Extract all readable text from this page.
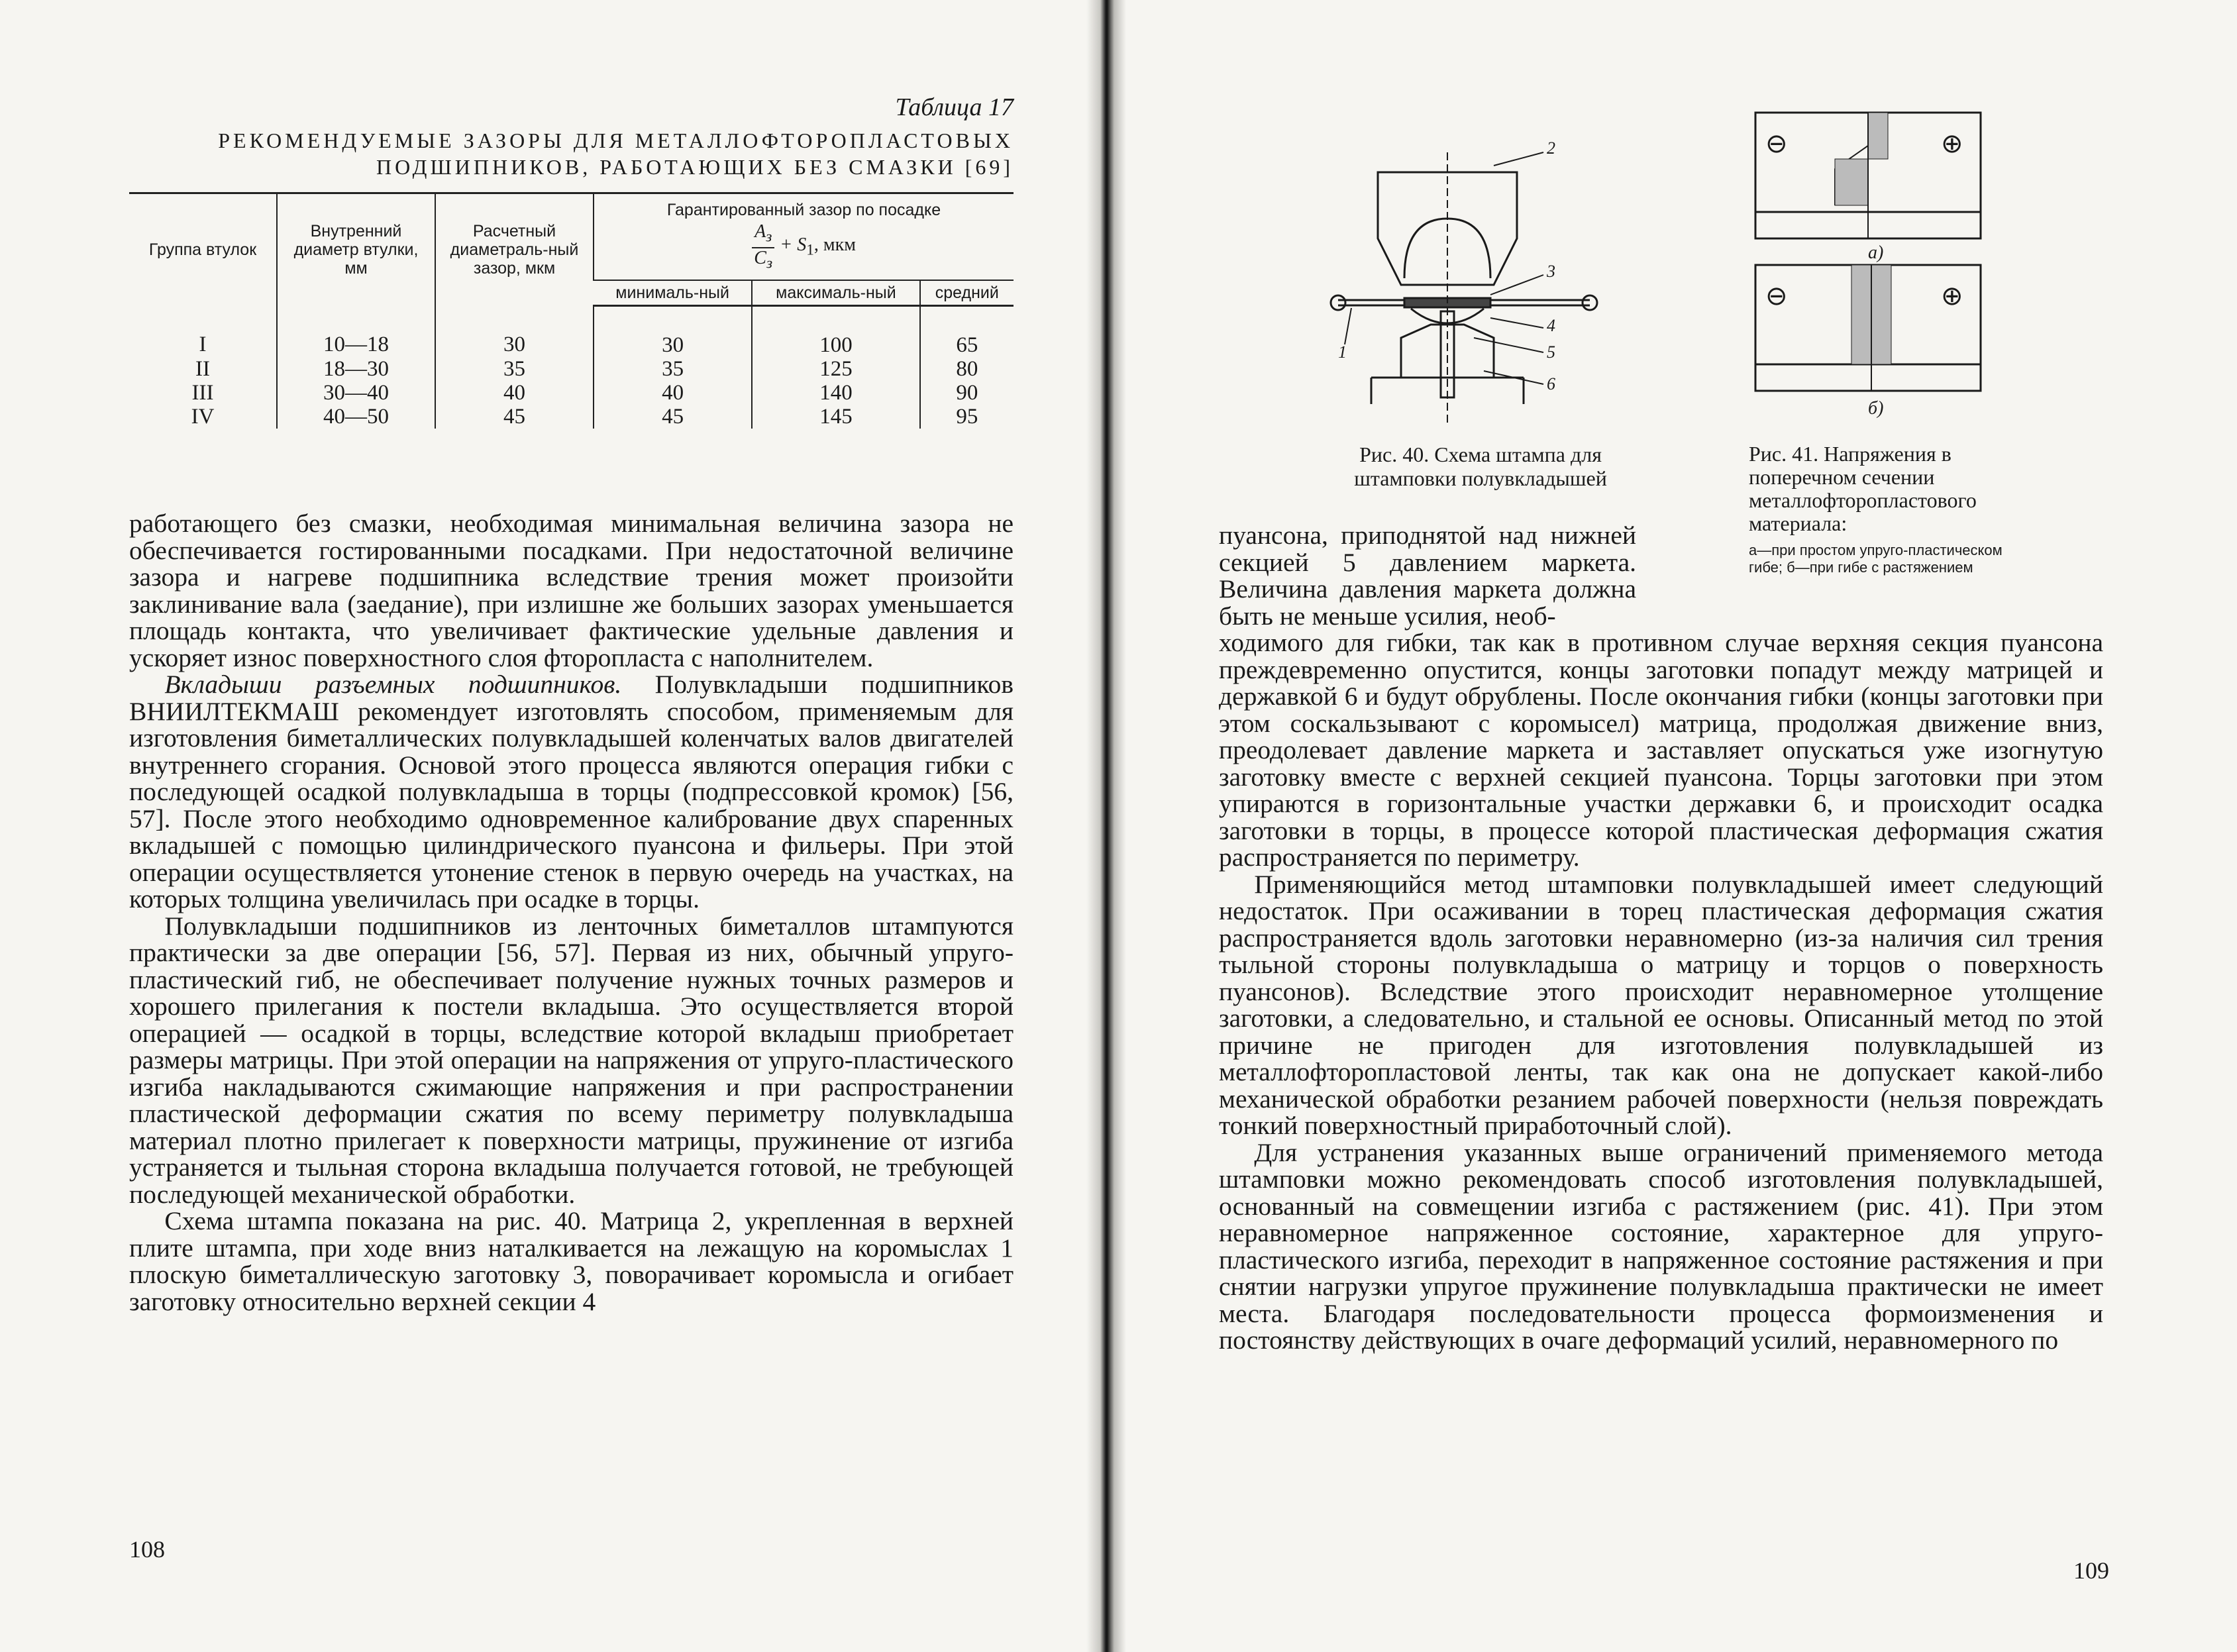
Таблица 17
РЕКОМЕНДУЕМЫЕ ЗАЗОРЫ ДЛЯ МЕТАЛЛОФТОРОПЛАСТОВЫХ
ПОДШИПНИКОВ, РАБОТАЮЩИХ БЕЗ СМАЗКИ [69]
Группа втулок	Внутренний диаметр втулки, мм	Расчетный диаметраль-ный зазор, мкм	Гарантированный зазор по посадке
$A_з$
$C_з$
+ $S_1$, мкм		

			минималь-ный	максималь-ный	средний
I	10—18	30	30	100	65
II	18—30	35	35	125	80
III	30—40	40	40	140	90
IV	40—50	45	45	145	95

работающего без смазки, необходимая минимальная величина зазора не обеспечивается гостированными посадками. При недостаточной величине зазора и нагреве подшипника вследствие трения может произойти заклинивание вала (заедание), при излишне же больших зазорах уменьшается площадь контакта, что увеличивает фактические удельные давления и ускоряет износ поверхностного слоя фторопласта с наполнителем.

Вкладыши разъемных подшипников. Полувкладыши подшипников ВНИИЛТЕКМАШ рекомендует изготовлять способом, применяемым для изготовления биметаллических полувкладышей коленчатых валов двигателей внутреннего сгорания. Основой этого процесса являются операция гибки с последующей осадкой полувкладыша в торцы (подпрессовкой кромок) [56, 57]. После этого необходимо одновременное калибрование двух спаренных вкладышей с помощью цилиндрического пуансона и фильеры. При этой операции осуществляется утонение стенок в первую очередь на участках, на которых толщина увеличилась при осадке в торцы.

Полувкладыши подшипников из ленточных биметаллов штампуются практически за две операции [56, 57]. Первая из них, обычный упруго-пластический гиб, не обеспечивает получение нужных точных размеров и хорошего прилегания к постели вкладыша. Это осуществляется второй операцией — осадкой в торцы, вследствие которой вкладыш приобретает размеры матрицы. При этой операции на напряжения от упруго-пластического изгиба накладываются сжимающие напряжения и при распространении пластической деформации сжатия по всему периметру полувкладыша материал плотно прилегает к поверхности матрицы, пружинение от изгиба устраняется и тыльная сторона вкладыша получается готовой, не требующей последующей механической обработки.

Схема штампа показана на рис. 40. Матрица 2, укрепленная в верхней плите штампа, при ходе вниз наталкивается на лежащую на коромыслах 1 плоскую биметаллическую заготовку 3, поворачивает коромысла и огибает заготовку относительно верхней секции 4

108
2
3
4
5
6
1
Рис. 40. Схема штампа для штамповки полувкладышей
⊖	⊕
⊖	⊕
а)
б)
Рис. 41. Напряжения в поперечном сечении металлофторопластового материала:
а—при простом упруго-пластическом гибе; б—при гибе с растяжением

пуансона, приподнятой над нижней секцией 5 давлением маркета. Величина давления маркета должна быть не меньше усилия, необ-

ходимого для гибки, так как в противном случае верхняя секция пуансона преждевременно опустится, концы заготовки попадут между матрицей и державкой 6 и будут обрублены. После окончания гибки (концы заготовки при этом соскальзывают с коромысел) матрица, продолжая движение вниз, преодолевает давление маркета и заставляет опускаться уже изогнутую заготовку вместе с верхней секцией пуансона. Торцы заготовки при этом упираются в горизонтальные участки державки 6, и происходит осадка заготовки в торцы, в процессе которой пластическая деформация сжатия распространяется по периметру.

Применяющийся метод штамповки полувкладышей имеет следующий недостаток. При осаживании в торец пластическая деформация сжатия распространяется вдоль заготовки неравномерно (из-за наличия сил трения тыльной стороны полувкладыша о матрицу и торцов о поверхность пуансонов). Вследствие этого происходит неравномерное утолщение заготовки, а следовательно, и стальной ее основы. Описанный метод по этой причине не пригоден для изготовления полувкладышей из металлофторопластовой ленты, так как она не допускает какой-либо механической обработки резанием рабочей поверхности (нельзя повреждать тонкий поверхностный приработочный слой).

Для устранения указанных выше ограничений применяемого метода штамповки можно рекомендовать способ изготовления полувкладышей, основанный на совмещении изгиба с растяжением (рис. 41). При этом неравномерное напряженное состояние, характерное для упруго-пластического изгиба, переходит в напряженное состояние растяжения и при снятии нагрузки упругое пружинение полувкладыша практически не имеет места. Благодаря последовательности процесса формоизменения и постоянству действующих в очаге деформаций усилий, неравномерного по

109
